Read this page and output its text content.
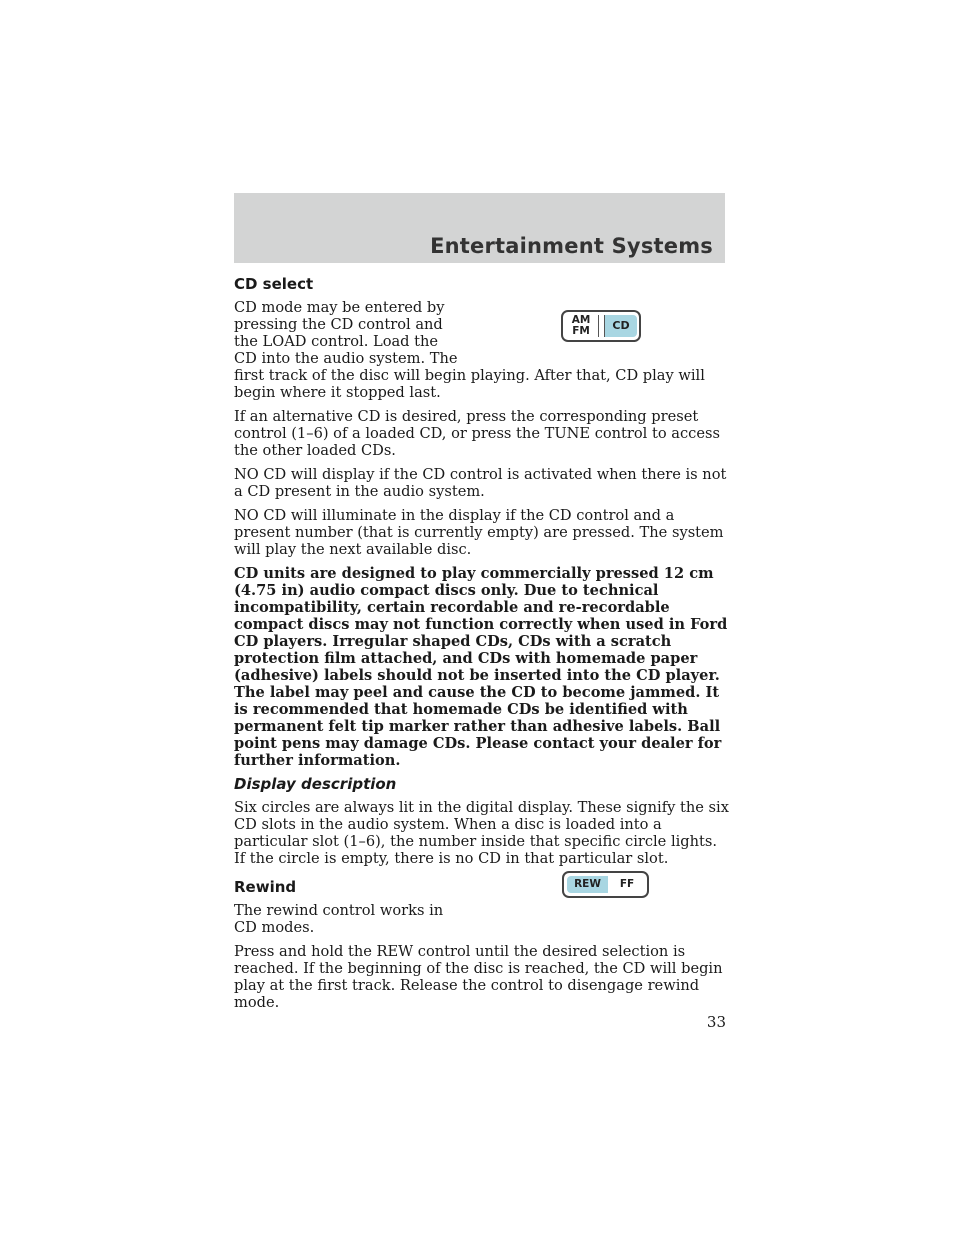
Entertainment Systems
AM
FM	CD
REW	FF
CD select

CD mode may be entered by pressing the CD control and the LOAD control. Load the CD into the audio system. The first track of the disc will begin playing. After that, CD play will begin where it stopped last.

If an alternative CD is desired, press the corresponding preset control (1–6) of a loaded CD, or press the TUNE control to access the other loaded CDs.

NO CD will display if the CD control is activated when there is not a CD present in the audio system.

NO CD will illuminate in the display if the CD control and a present number (that is currently empty) are pressed. The system will play the next available disc.

CD units are designed to play commercially pressed 12 cm (4.75 in) audio compact discs only. Due to technical incompatibility, certain recordable and re-recordable compact discs may not function correctly when used in Ford CD players. Irregular shaped CDs, CDs with a scratch protection film attached, and CDs with homemade paper (adhesive) labels should not be inserted into the CD player. The label may peel and cause the CD to become jammed. It is recommended that homemade CDs be identified with permanent felt tip marker rather than adhesive labels. Ball point pens may damage CDs. Please contact your dealer for further information.

Display description

Six circles are always lit in the digital display. These signify the six CD slots in the audio system. When a disc is loaded into a particular slot (1–6), the number inside that specific circle lights. If the circle is empty, there is no CD in that particular slot.

Rewind

The rewind control works in CD modes.

Press and hold the REW control until the desired selection is reached. If the beginning of the disc is reached, the CD will begin play at the first track. Release the control to disengage rewind mode.

33
